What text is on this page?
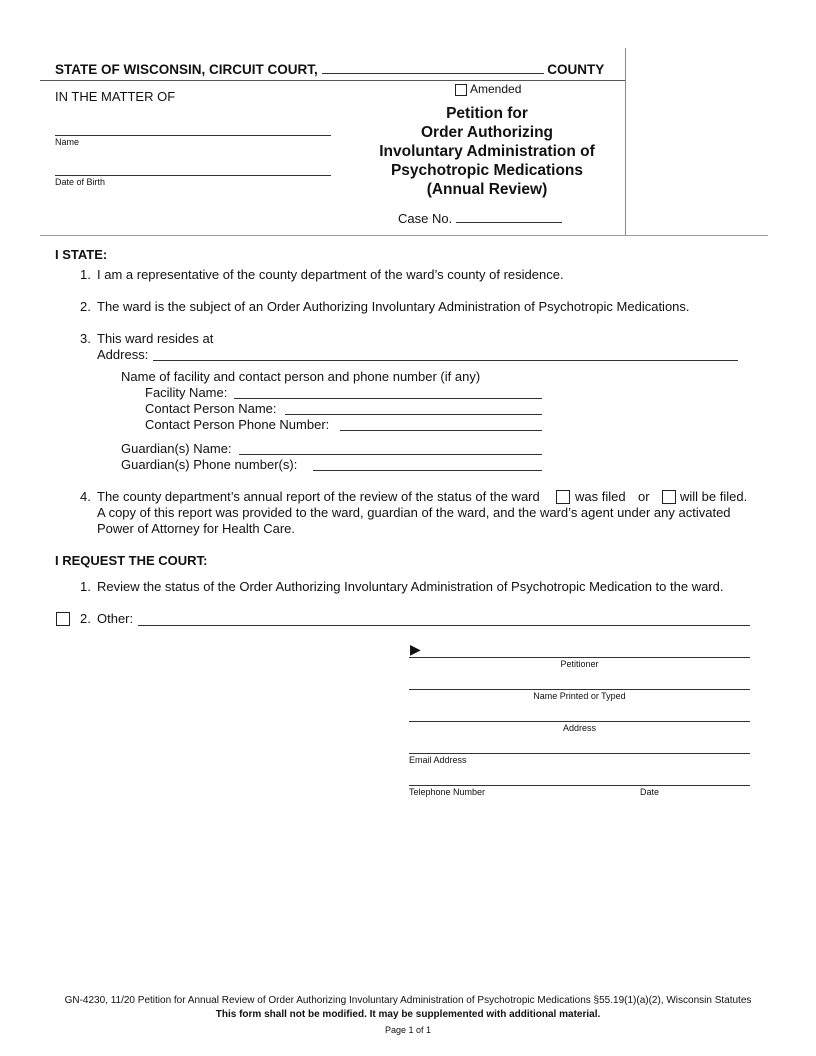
STATE OF WISCONSIN, CIRCUIT COURT,	COUNTY
IN THE MATTER OF
Name
Date of Birth
Amended
Petition for
Order Authorizing
Involuntary Administration of
Psychotropic Medications
(Annual Review)
Case No.
I STATE:
1. I am a representative of the county department of the ward’s county of residence.
2. The ward is the subject of an Order Authorizing Involuntary Administration of Psychotropic Medications.
3. This ward resides at
Address:
Name of facility and contact person and phone number (if any)
Facility Name:
Contact Person Name:
Contact Person Phone Number:
Guardian(s) Name:
Guardian(s) Phone number(s):
4. The county department’s annual report of the review of the status of the ward	was filed or will be filed.
A copy of this report was provided to the ward, guardian of the ward, and the ward’s agent under any activated
Power of Attorney for Health Care.
I REQUEST THE COURT:
1. Review the status of the Order Authorizing Involuntary Administration of Psychotropic Medication to the ward.
2. Other:
▶
Petitioner
Name Printed or Typed
Address
Email Address
Telephone Number	Date
GN-4230, 11/20 Petition for Annual Review of Order Authorizing Involuntary Administration of Psychotropic Medications §55.19(1)(a)(2), Wisconsin Statutes
This form shall not be modified. It may be supplemented with additional material.
Page 1 of 1
